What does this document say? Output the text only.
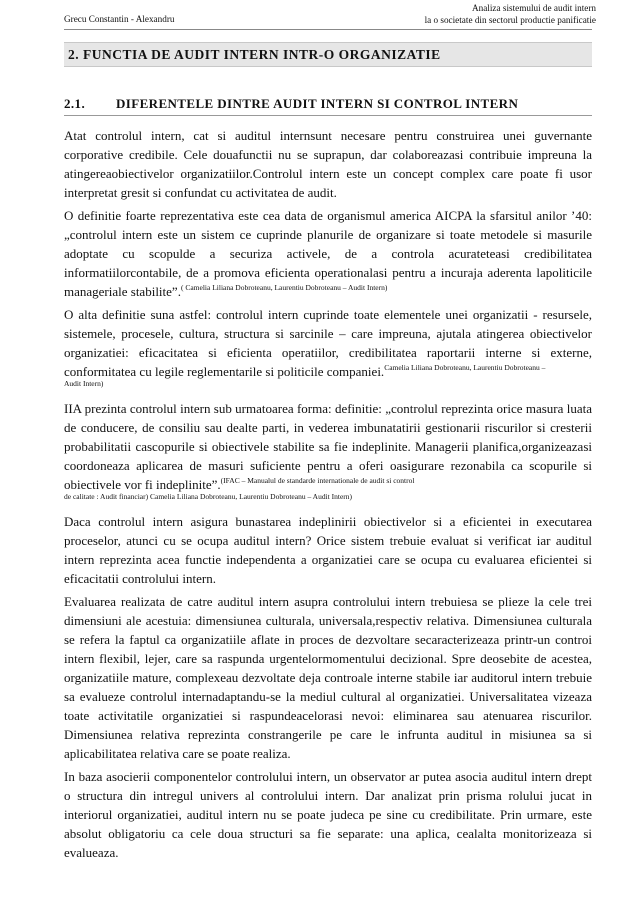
Analiza sistemului de audit intern
la o societate din sectorul productie panificatie
Grecu Constantin - Alexandru
2. FUNCTIA DE AUDIT INTERN INTR-O ORGANIZATIE
2.1. DIFERENTELE DINTRE AUDIT INTERN SI CONTROL INTERN

Atat controlul intern, cat si auditul internsunt necesare pentru construirea unei guvernante corporative credibile. Cele douafunctii nu se suprapun, dar colaboreazasi contribuie impreuna la atingereaobiectivelor organizatiilor.Controlul intern este un concept complex care poate fi usor interpretat gresit si confundat cu activitatea de audit.

O definitie foarte reprezentativa este cea data de organismul america AICPA la sfarsitul anilor ’40: „controlul intern este un sistem ce cuprinde planurile de organizare si toate metodele si masurile adoptate cu scopulde a securiza activele, de a controla acurateteasi credibilitatea informatiilorcontabile, de a promova eficienta operationalasi pentru a incuraja aderenta lapoliticile manageriale stabilite”.$^{( Camelia Liliana Dobroteanu, Laurentiu Dobroteanu - Audit Intern)}$

O alta definitie suna astfel: controlul intern cuprinde toate elementele unei organizatii - resursele, sistemele, procesele, cultura, structura si sarcinile – care impreuna, ajutala atingerea obiectivelor organizatiei: eficacitatea si eficienta operatiilor, credibilitatea raportarii interne si externe, conformitatea cu legile reglementarile si politicile companiei.$^{Camelia Liliana Dobroteanu, Laurentiu Dobroteanu -}$
Audit Intern)

IIA prezinta controlul intern sub urmatoarea forma: definitie: „controlul reprezinta orice masura luata de conducere, de consiliu sau dealte parti, in vederea imbunatatirii gestionarii riscurilor si cresterii probabilitatii cascopurile si obiectivele stabilite sa fie indeplinite. Managerii planifica,organizeazasi coordoneaza aplicarea de masuri suficiente pentru a oferi oasigurare rezonabila ca scopurile si obiectivele vor fi indeplinite”.$^{(IFAC - Manualul de standarde internationale de audit si control}$
de calitate : Audit financiar) Camelia Liliana Dobroteanu, Laurentiu Dobroteanu – Audit Intern)

Daca controlul intern asigura bunastarea indeplinirii obiectivelor si a eficientei in executarea proceselor, atunci cu se ocupa auditul intern? Orice sistem trebuie evaluat si verificat iar auditul intern reprezinta acea functie independenta a organizatiei care se ocupa cu evaluarea eficientei si eficacitatii controlului intern.

Evaluarea realizata de catre auditul intern asupra controlului intern trebuiesa se plieze la cele trei dimensiuni ale acestuia: dimensiunea culturala, universala,respectiv relativa. Dimensiunea culturala se refera la faptul ca organizatiile aflate in proces de dezvoltare secaracterizeaza printr-un controi intern flexibil, lejer, care sa raspunda urgentelormomentului decizional. Spre deosebite de acestea, organizatiile mature, complexeau dezvoltate deja controale interne stabile iar auditorul intern trebuie sa evalueze controlul internadaptandu-se la mediul cultural al organizatiei. Universalitatea vizeaza toate activitatile organizatiei si raspundeacelorasi nevoi: eliminarea sau atenuarea riscurilor. Dimensiunea relativa reprezinta constrangerile pe care le infrunta auditul in misiunea sa si aplicabilitatea relativa care se poate realiza.

In baza asocierii componentelor controlului intern, un observator ar putea asocia auditul intern drept o structura din intregul univers al controlului intern. Dar analizat prin prisma rolului jucat in interiorul organizatiei, auditul intern nu se poate judeca pe sine cu credibilitate. Prin urmare, este absolut obligatoriu ca cele doua structuri sa fie separate: una aplica, cealalta monitorizeaza si evalueaza.
